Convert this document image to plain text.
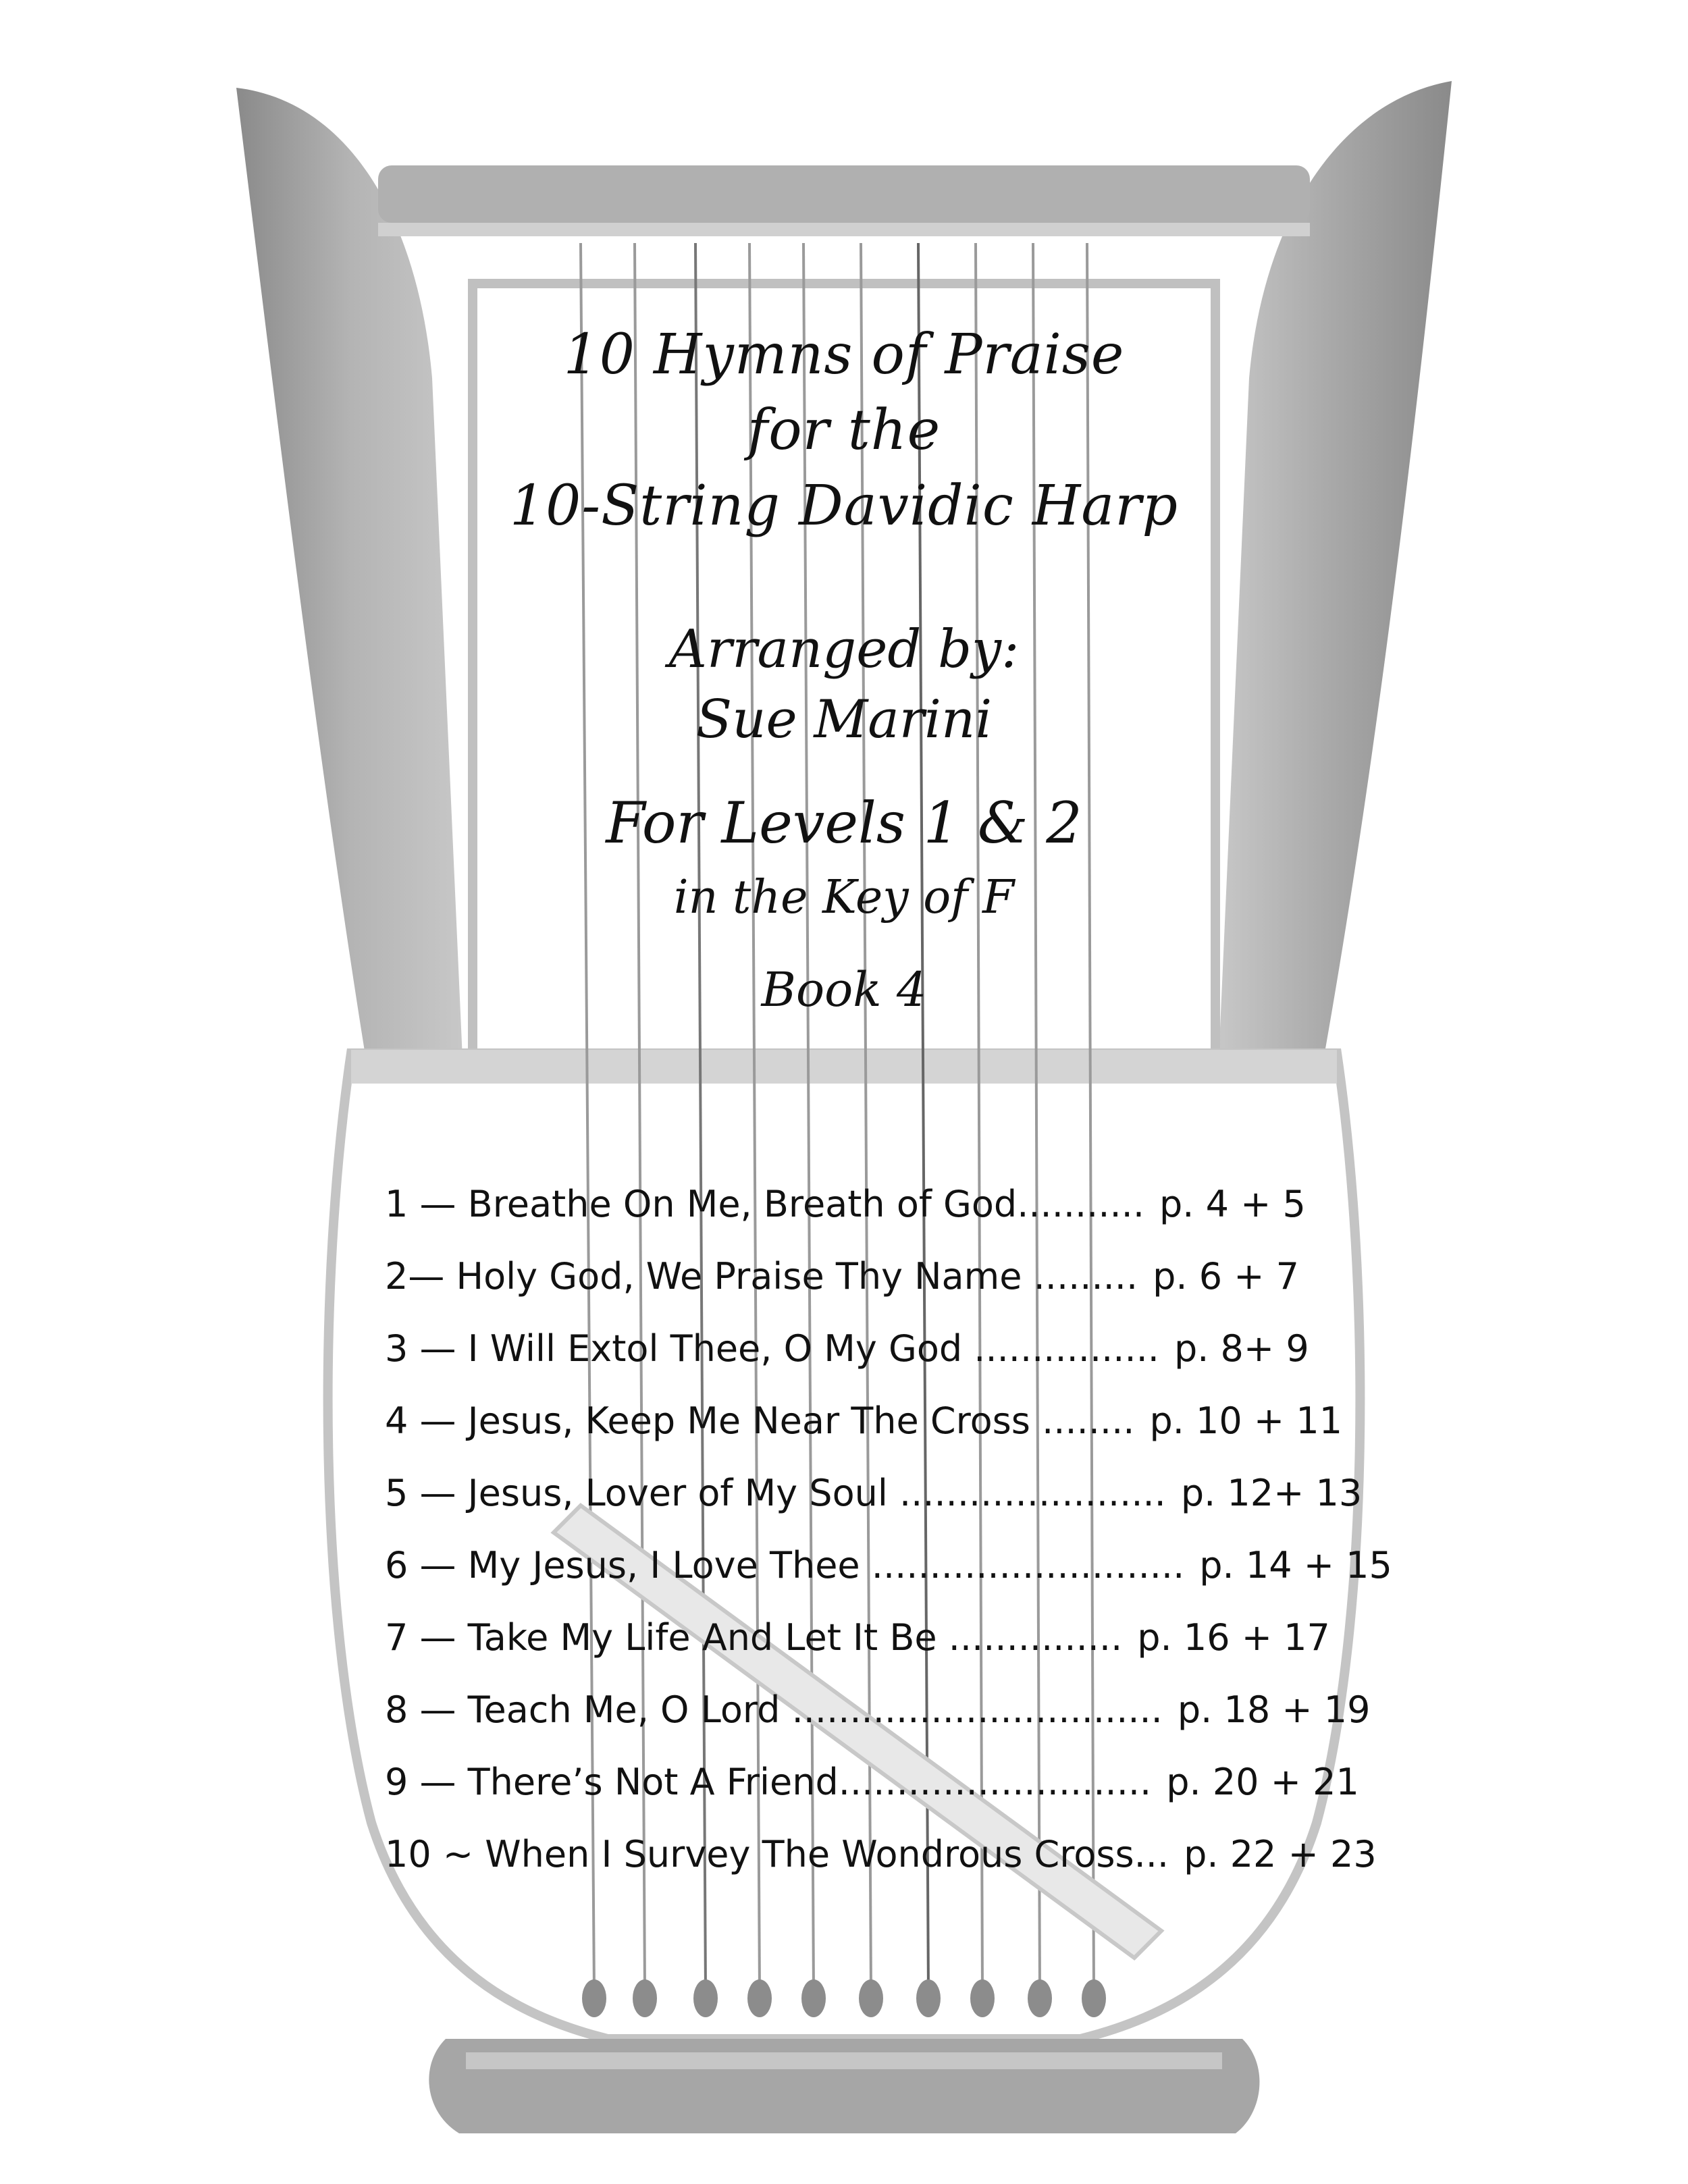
10 Hymns of Praise
for the
10-String Davidic Harp
Arranged by:
Sue Marini
For Levels 1 & 2
in the Key of F
Book 4
1 — Breathe On Me, Breath of God........... p. 4 + 5
2— Holy God, We Praise Thy Name ......... p. 6 + 7
3 — I Will Extol Thee, O My God ................ p. 8+ 9
4 — Jesus, Keep Me Near The Cross ........ p. 10 + 11
5 — Jesus, Lover of My Soul ....................... p. 12+ 13
6 — My Jesus, I Love Thee ........................... p. 14 + 15
7 — Take My Life And Let It Be ............... p. 16 + 17
8 — Teach Me, O Lord ................................ p. 18 + 19
9 — There’s Not A Friend........................... p. 20 + 21
10 ~ When I Survey The Wondrous Cross... p. 22 + 23
